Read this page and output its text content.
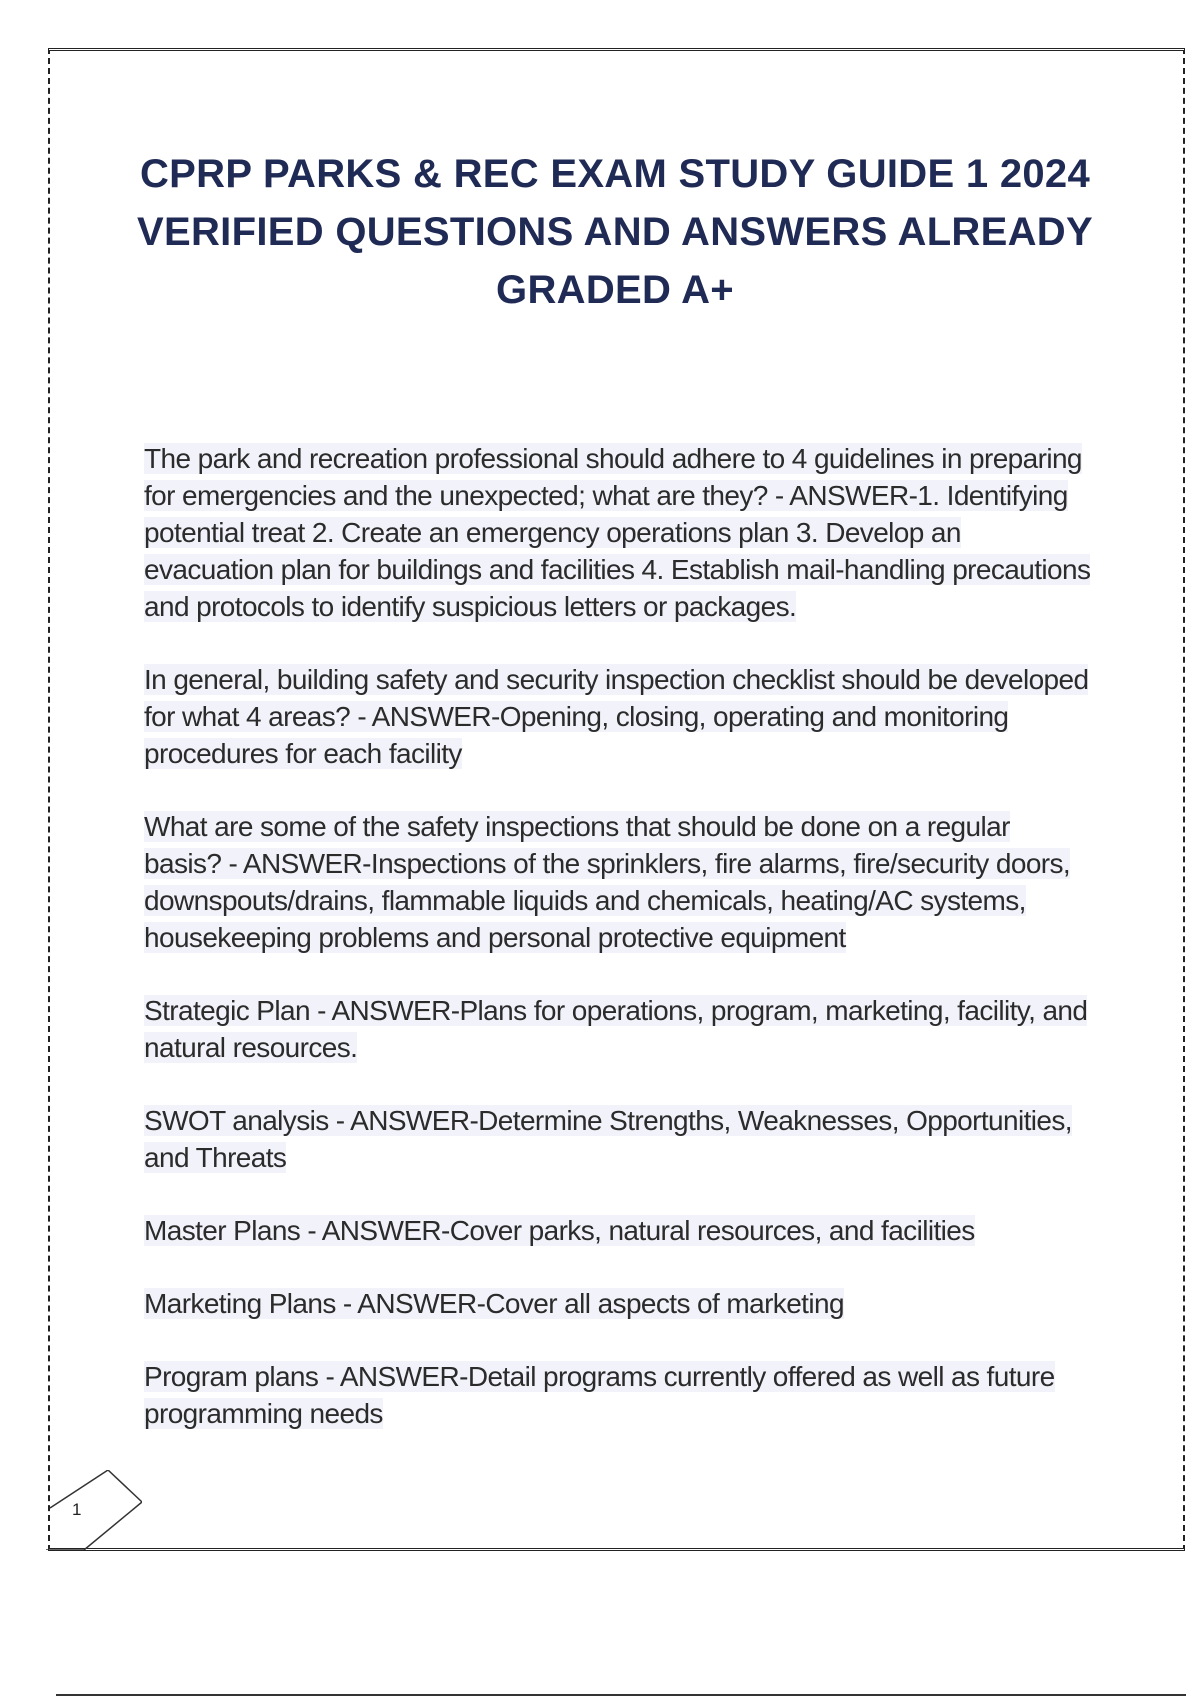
CPRP PARKS & REC EXAM STUDY GUIDE 1 2024 VERIFIED QUESTIONS AND ANSWERS ALREADY GRADED A+

The park and recreation professional should adhere to 4 guidelines in preparing for emergencies and the unexpected; what are they? - ANSWER-1. Identifying potential treat 2. Create an emergency operations plan 3. Develop an evacuation plan for buildings and facilities 4. Establish mail-handling precautions and protocols to identify suspicious letters or packages.

In general, building safety and security inspection checklist should be developed for what 4 areas? - ANSWER-Opening, closing, operating and monitoring procedures for each facility

What are some of the safety inspections that should be done on a regular basis? - ANSWER-Inspections of the sprinklers, fire alarms, fire/security doors, downspouts/drains, flammable liquids and chemicals, heating/AC systems, housekeeping problems and personal protective equipment

Strategic Plan - ANSWER-Plans for operations, program, marketing, facility, and natural resources.

SWOT analysis - ANSWER-Determine Strengths, Weaknesses, Opportunities, and Threats

Master Plans - ANSWER-Cover parks, natural resources, and facilities

Marketing Plans - ANSWER-Cover all aspects of marketing

Program plans - ANSWER-Detail programs currently offered as well as future programming needs

1
